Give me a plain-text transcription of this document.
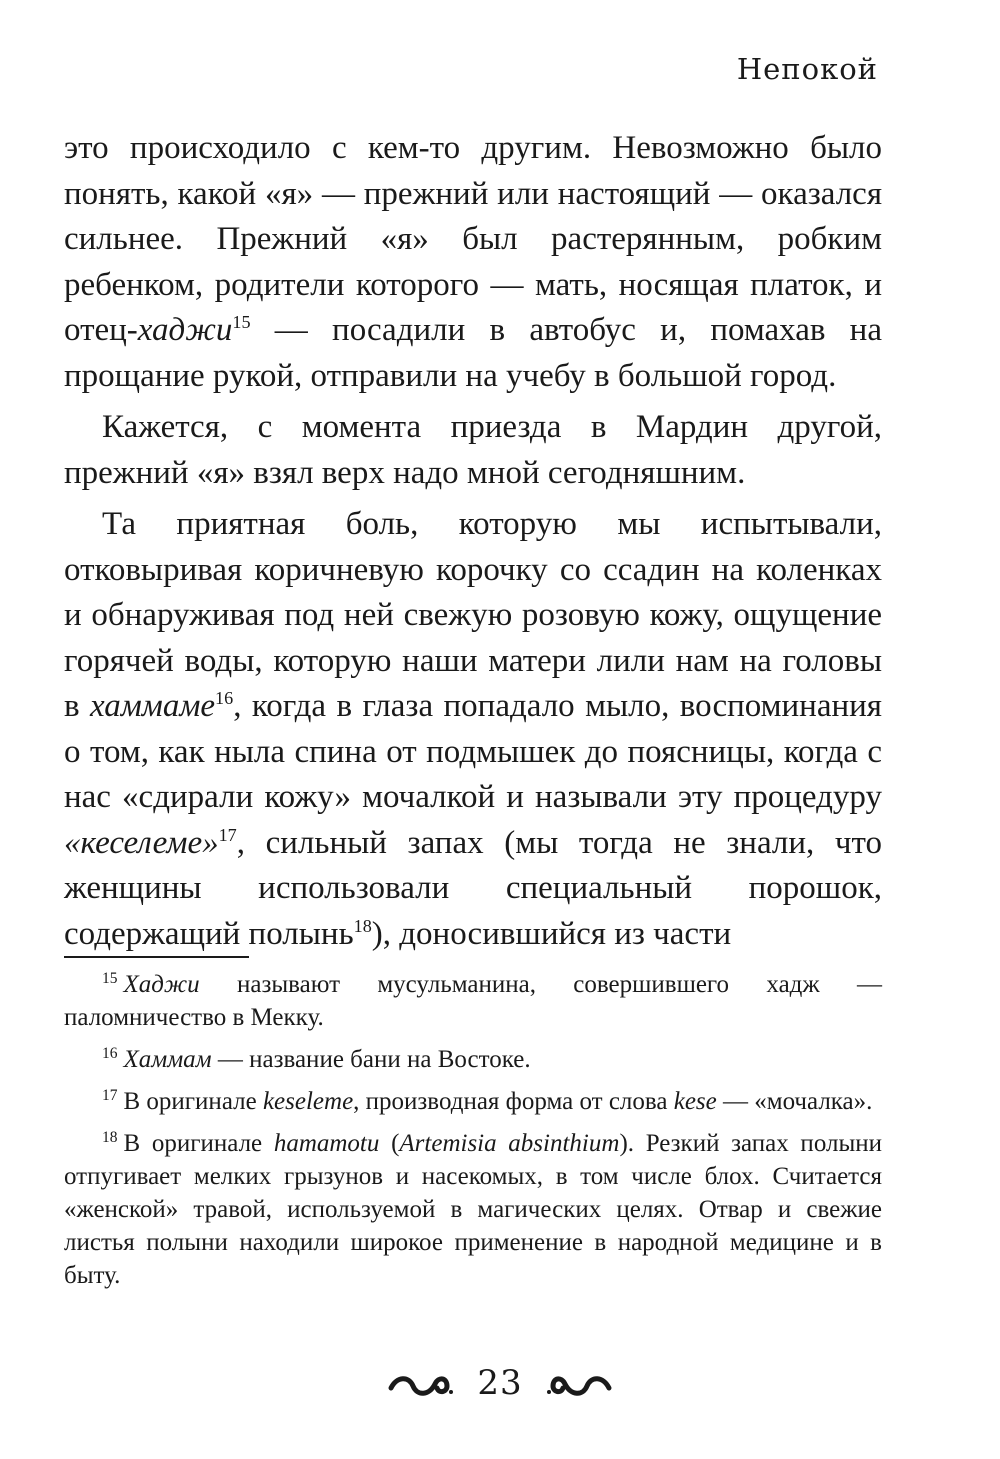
Непокой

это происходило с кем-то другим. Невозможно было понять, какой «я» — прежний или настоящий — оказался сильнее. Прежний «я» был растерянным, робким ребенком, родители которого — мать, носящая платок, и отец-хаджи$^{15}$ — посадили в автобус и, помахав на прощание рукой, отправили на учебу в большой город.

Кажется, с момента приезда в Мардин другой, прежний «я» взял верх надо мной сегодняшним.

Та приятная боль, которую мы испытывали, отковыривая коричневую корочку со ссадин на коленках и обнаруживая под ней свежую розовую кожу, ощущение горячей воды, которую наши матери лили нам на головы в хаммаме$^{16}$, когда в глаза попадало мыло, воспоминания о том, как ныла спина от подмышек до поясницы, когда с нас «сдирали кожу» мочалкой и называли эту процедуру «кеселеме»$^{17}$, сильный запах (мы тогда не знали, что женщины использовали специальный порошок, содержащий полынь$^{18}$), доносившийся из части

$^{15}$ Хаджи называют мусульманина, совершившего хадж — паломничество в Мекку.

$^{16}$ Хаммам — название бани на Востоке.

$^{17}$ В оригинале keseleme, производная форма от слова kese — «мочалка».

$^{18}$ В оригинале hamamotu (Artemisia absinthium). Резкий запах полыни отпугивает мелких грызунов и насекомых, в том числе блох. Считается «женской» травой, используемой в магических целях. Отвар и свежие листья полыни находили широкое применение в народной медицине и в быту.

23
